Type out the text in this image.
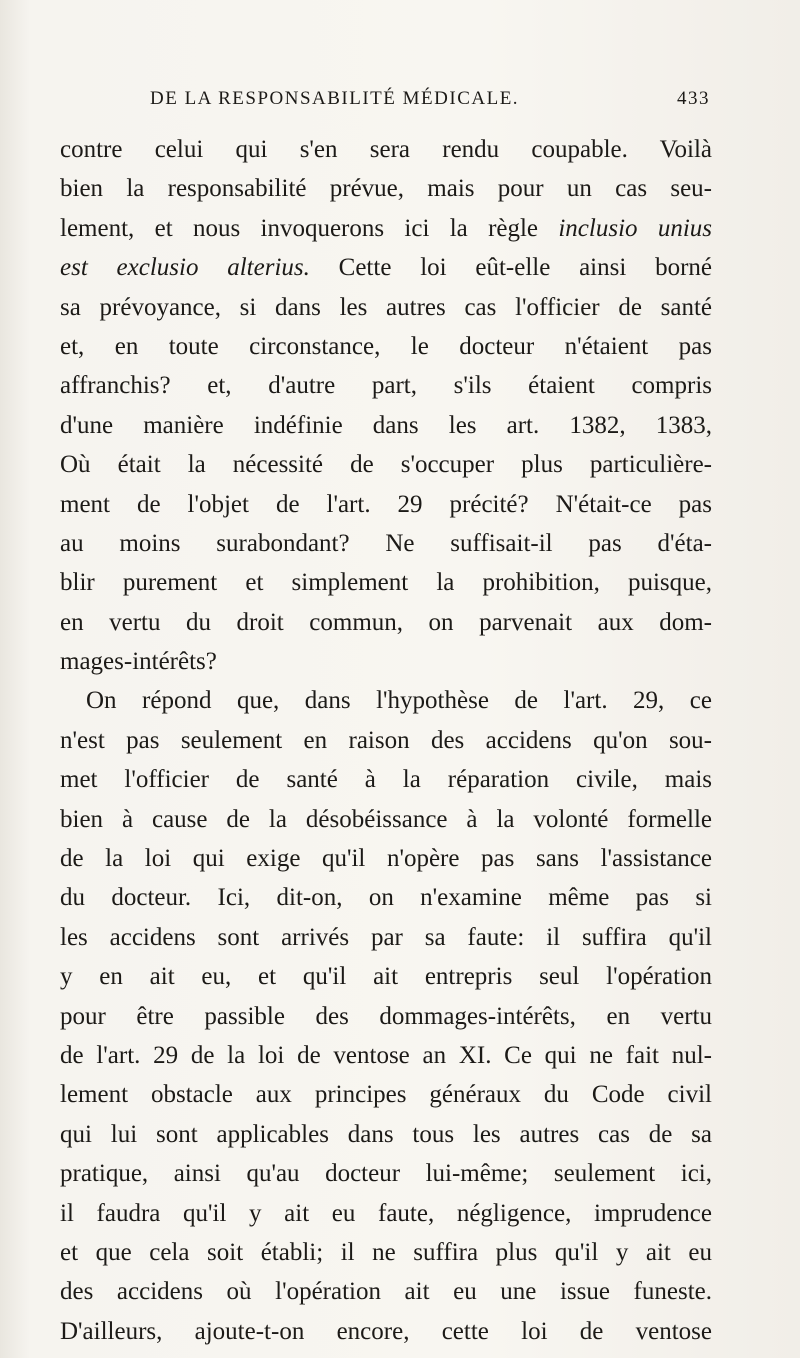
DE LA RESPONSABILITÉ MÉDICALE.	433
contre celui qui s'en sera rendu coupable. Voilà
bien la responsabilité prévue, mais pour un cas seu-
lement, et nous invoquerons ici la règle inclusio unius
est exclusio alterius. Cette loi eût-elle ainsi borné
sa prévoyance, si dans les autres cas l'officier de santé
et, en toute circonstance, le docteur n'étaient pas
affranchis? et, d'autre part, s'ils étaient compris
d'une manière indéfinie dans les art. 1382, 1383,
Où était la nécessité de s'occuper plus particulière-
ment de l'objet de l'art. 29 précité? N'était-ce pas
au moins surabondant? Ne suffisait-il pas d'éta-
blir purement et simplement la prohibition, puisque,
en vertu du droit commun, on parvenait aux dom-
mages-intérêts?
On répond que, dans l'hypothèse de l'art. 29, ce
n'est pas seulement en raison des accidens qu'on sou-
met l'officier de santé à la réparation civile, mais
bien à cause de la désobéissance à la volonté formelle
de la loi qui exige qu'il n'opère pas sans l'assistance
du docteur. Ici, dit-on, on n'examine même pas si
les accidens sont arrivés par sa faute: il suffira qu'il
y en ait eu, et qu'il ait entrepris seul l'opération
pour être passible des dommages-intérêts, en vertu
de l'art. 29 de la loi de ventose an XI. Ce qui ne fait nul-
lement obstacle aux principes généraux du Code civil
qui lui sont applicables dans tous les autres cas de sa
pratique, ainsi qu'au docteur lui-même; seulement ici,
il faudra qu'il y ait eu faute, négligence, imprudence
et que cela soit établi; il ne suffira plus qu'il y ait eu
des accidens où l'opération ait eu une issue funeste.
D'ailleurs, ajoute-t-on encore, cette loi de ventose
